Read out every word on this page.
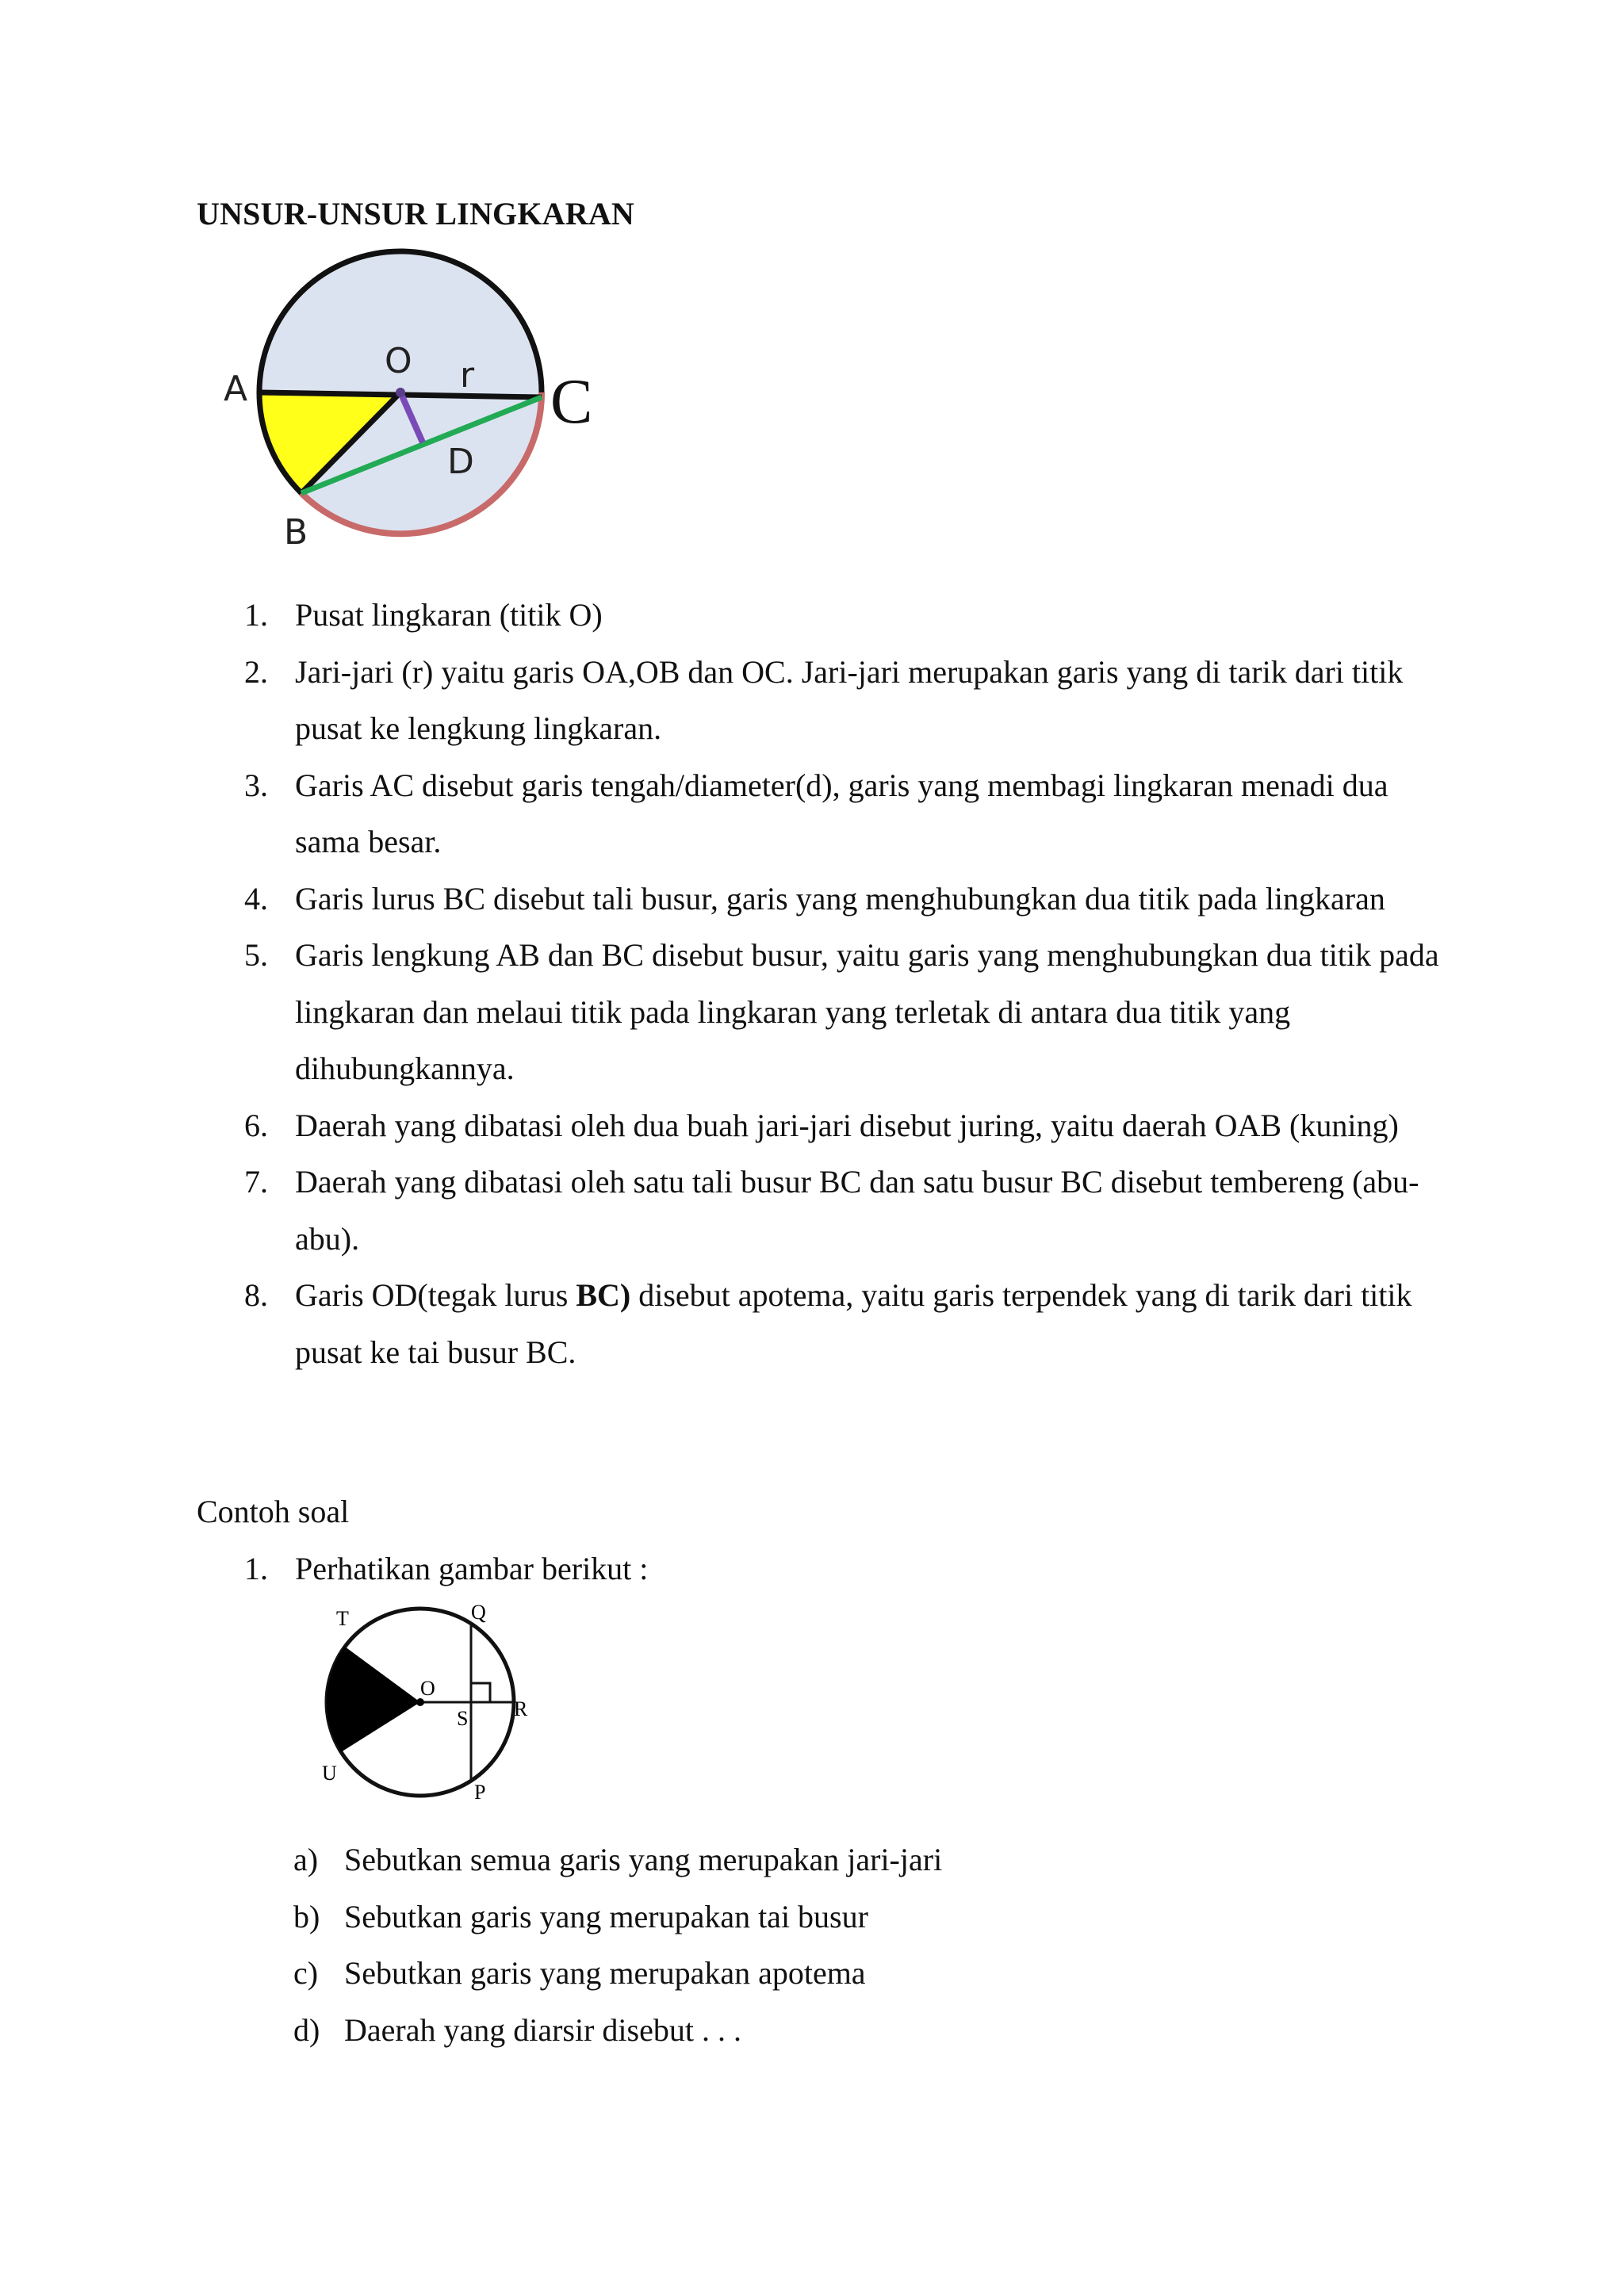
UNSUR-UNSUR LINGKARAN
A
O r C
D
B
1. Pusat lingkaran (titik O)
2. Jari-jari (r) yaitu garis OA,OB dan OC. Jari-jari merupakan garis yang di tarik dari titik pusat ke lengkung lingkaran.
3. Garis AC disebut garis tengah/diameter(d), garis yang membagi lingkaran menadi dua sama besar.
4. Garis lurus BC disebut tali busur, garis yang menghubungkan dua titik pada lingkaran
5. Garis lengkung AB dan BC disebut busur, yaitu garis yang menghubungkan dua titik pada lingkaran dan melaui titik pada lingkaran yang terletak di antara dua titik yang dihubungkannya.
6. Daerah yang dibatasi oleh dua buah jari-jari disebut juring, yaitu daerah OAB (kuning)
7. Daerah yang dibatasi oleh satu tali busur BC dan satu busur BC disebut tembereng (abu-abu).
8. Garis OD(tegak lurus BC) disebut apotema, yaitu garis terpendek yang di tarik dari titik pusat ke tai busur BC.
Contoh soal
1. Perhatikan gambar berikut :
T	Q
O
S R
U
P
a) Sebutkan semua garis yang merupakan jari-jari
b) Sebutkan garis yang merupakan tai busur
c) Sebutkan garis yang merupakan apotema
d) Daerah yang diarsir disebut . . .
